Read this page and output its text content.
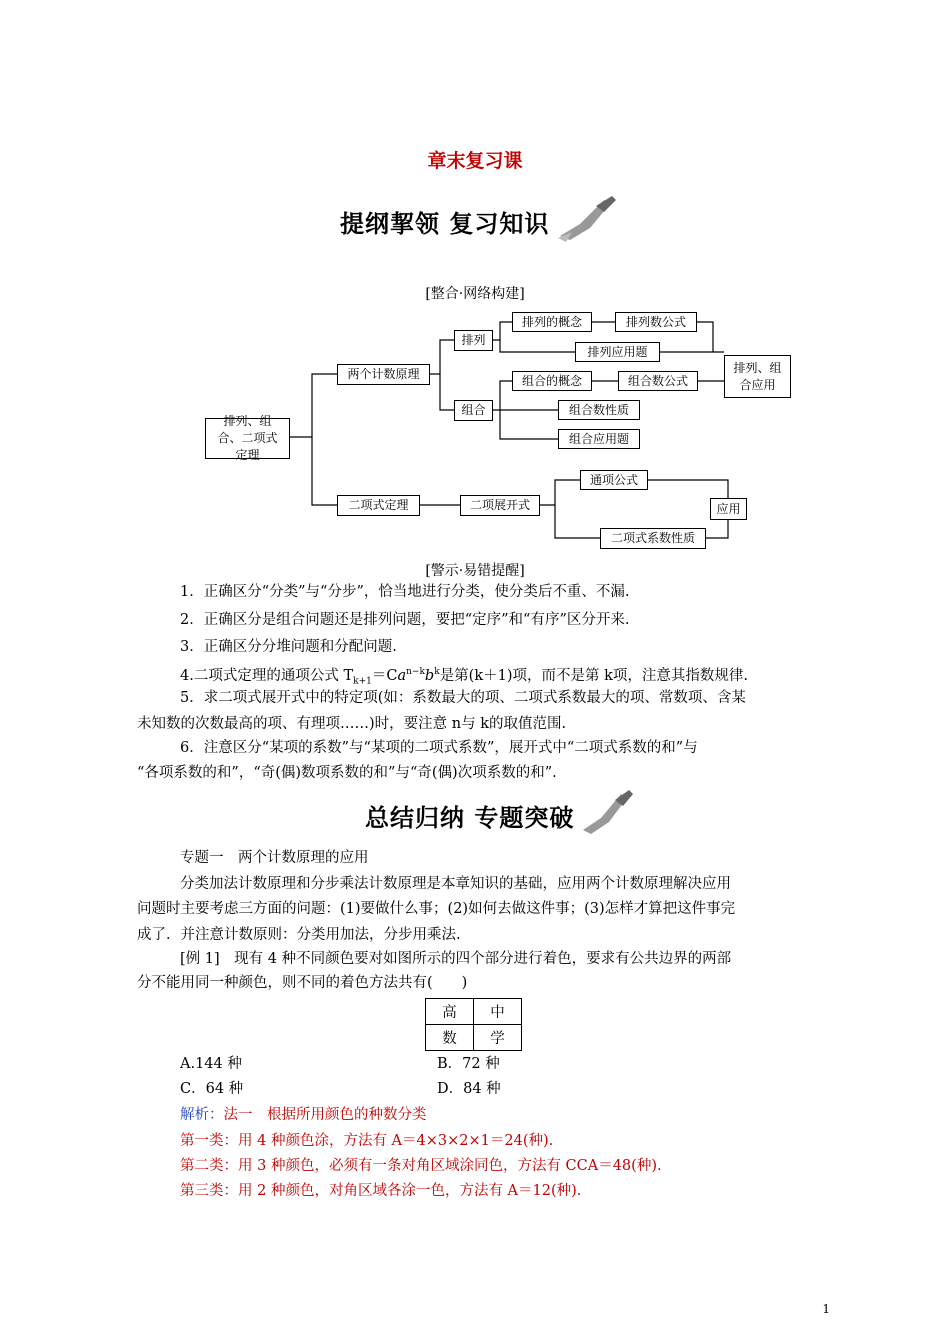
章末复习课
提纲挈领 复习知识
[整合·网络构建]
排列、组合、二项式定理
两个计数原理
排列
排列的概念	排列数公式
排列应用题
排列、组合应用
组合
组合的概念	组合数公式
组合数性质
组合应用题
二项式定理	二项展开式
通项公式
应用
二项式系数性质
[警示·易错提醒]
1．正确区分“分类”与“分步”，恰当地进行分类，使分类后不重、不漏.
2．正确区分是组合问题还是排列问题，要把“定序”和“有序”区分开来.
3．正确区分分堆问题和分配问题.
4.二项式定理的通项公式 $T_{k+1}=Ca^{n-k}b^k$是第(k＋1)项，而不是第 k项，注意其指数规律.
5．求二项式展开式中的特定项(如：系数最大的项、二项式系数最大的项、常数项、含某
未知数的次数最高的项、有理项……)时，要注意 n与 k的取值范围.
6．注意区分“某项的系数”与“某项的二项式系数”，展开式中“二项式系数的和”与
“各项系数的和”，“奇(偶)数项系数的和”与“奇(偶)次项系数的和”.
总结归纳 专题突破
专题一　两个计数原理的应用
分类加法计数原理和分步乘法计数原理是本章知识的基础，应用两个计数原理解决应用
问题时主要考虑三方面的问题：(1)要做什么事；(2)如何去做这件事；(3)怎样才算把这件事完
成了．并注意计数原则：分类用加法，分步用乘法.
[例 1]　现有 4 种不同颜色要对如图所示的四个部分进行着色，要求有公共边界的两部
分不能用同一种颜色，则不同的着色方法共有(　　)
高	中
数	学
A.144 种	B．72 种
C．64 种	D．84 种
解析：法一　根据所用颜色的种数分类
第一类：用 4 种颜色涂，方法有 A＝4×3×2×1＝24(种).
第二类：用 3 种颜色，必须有一条对角区域涂同色，方法有 CCA＝48(种).
第三类：用 2 种颜色，对角区域各涂一色，方法有 A＝12(种).
1
